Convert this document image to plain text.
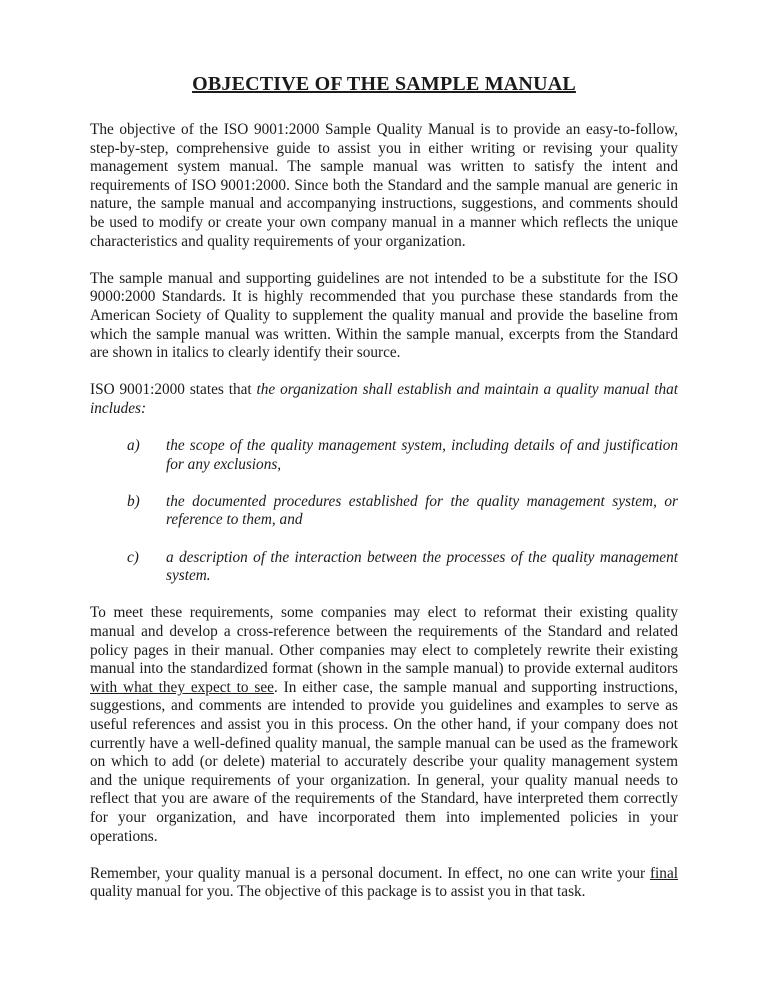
OBJECTIVE OF THE SAMPLE MANUAL

The objective of the ISO 9001:2000 Sample Quality Manual is to provide an easy-to-follow, step-by-step, comprehensive guide to assist you in either writing or revising your quality management system manual. The sample manual was written to satisfy the intent and requirements of ISO 9001:2000. Since both the Standard and the sample manual are generic in nature, the sample manual and accompanying instructions, suggestions, and comments should be used to modify or create your own company manual in a manner which reflects the unique characteristics and quality requirements of your organization.

The sample manual and supporting guidelines are not intended to be a substitute for the ISO 9000:2000 Standards. It is highly recommended that you purchase these standards from the American Society of Quality to supplement the quality manual and provide the baseline from which the sample manual was written. Within the sample manual, excerpts from the Standard are shown in italics to clearly identify their source.

ISO 9001:2000 states that the organization shall establish and maintain a quality manual that includes:

a) the scope of the quality management system, including details of and justification for any exclusions,
b) the documented procedures established for the quality management system, or reference to them, and
c) a description of the interaction between the processes of the quality management system.

To meet these requirements, some companies may elect to reformat their existing quality manual and develop a cross-reference between the requirements of the Standard and related policy pages in their manual. Other companies may elect to completely rewrite their existing manual into the standardized format (shown in the sample manual) to provide external auditors with what they expect to see. In either case, the sample manual and supporting instructions, suggestions, and comments are intended to provide you guidelines and examples to serve as useful references and assist you in this process. On the other hand, if your company does not currently have a well-defined quality manual, the sample manual can be used as the framework on which to add (or delete) material to accurately describe your quality management system and the unique requirements of your organization. In general, your quality manual needs to reflect that you are aware of the requirements of the Standard, have interpreted them correctly for your organization, and have incorporated them into implemented policies in your operations.

Remember, your quality manual is a personal document. In effect, no one can write your final quality manual for you. The objective of this package is to assist you in that task.
